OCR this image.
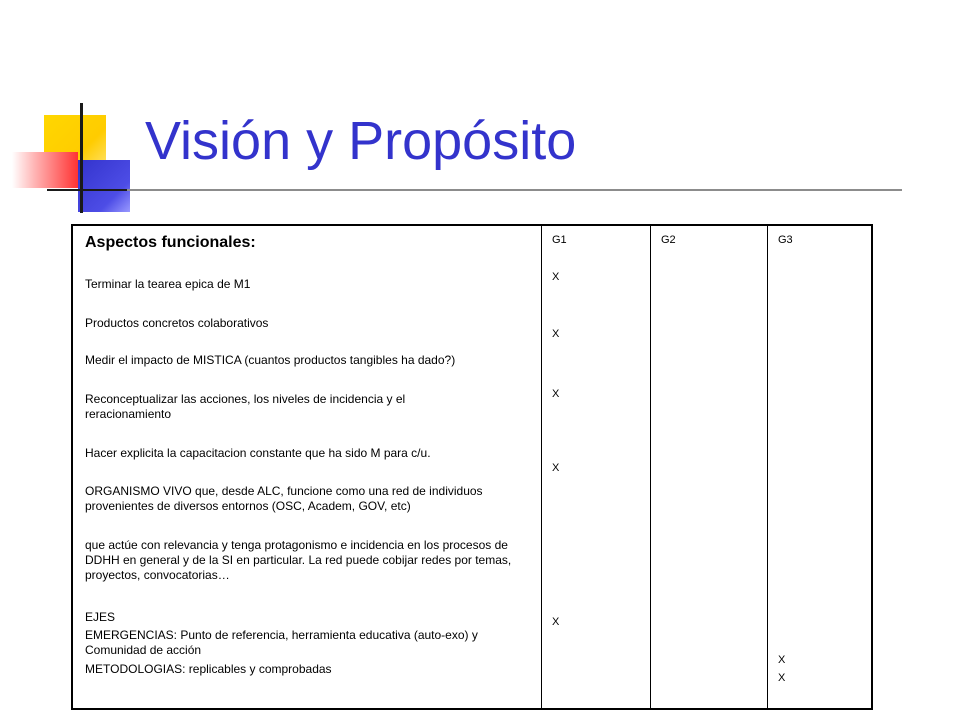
Visión y Propósito
Aspectos funcionales:
Terminar la tearea epica de M1
Productos concretos colaborativos
Medir el impacto de MISTICA (cuantos productos tangibles ha dado?)
Reconceptualizar las acciones, los niveles de incidencia y el reracionamiento
Hacer explicita la capacitacion constante que ha sido M para c/u.
ORGANISMO VIVO que, desde ALC, funcione como una red de individuos provenientes de diversos entornos (OSC, Academ, GOV, etc)
que actúe con relevancia y tenga protagonismo e incidencia en los procesos de DDHH en general y de la SI en particular. La red puede cobijar redes por temas, proyectos, convocatorias…
EJES
EMERGENCIAS: Punto de referencia, herramienta educativa (auto-exo) y Comunidad de acción
METODOLOGIAS: replicables y comprobadas
G1
X
X
X
X
X
G2	G3
X
X
